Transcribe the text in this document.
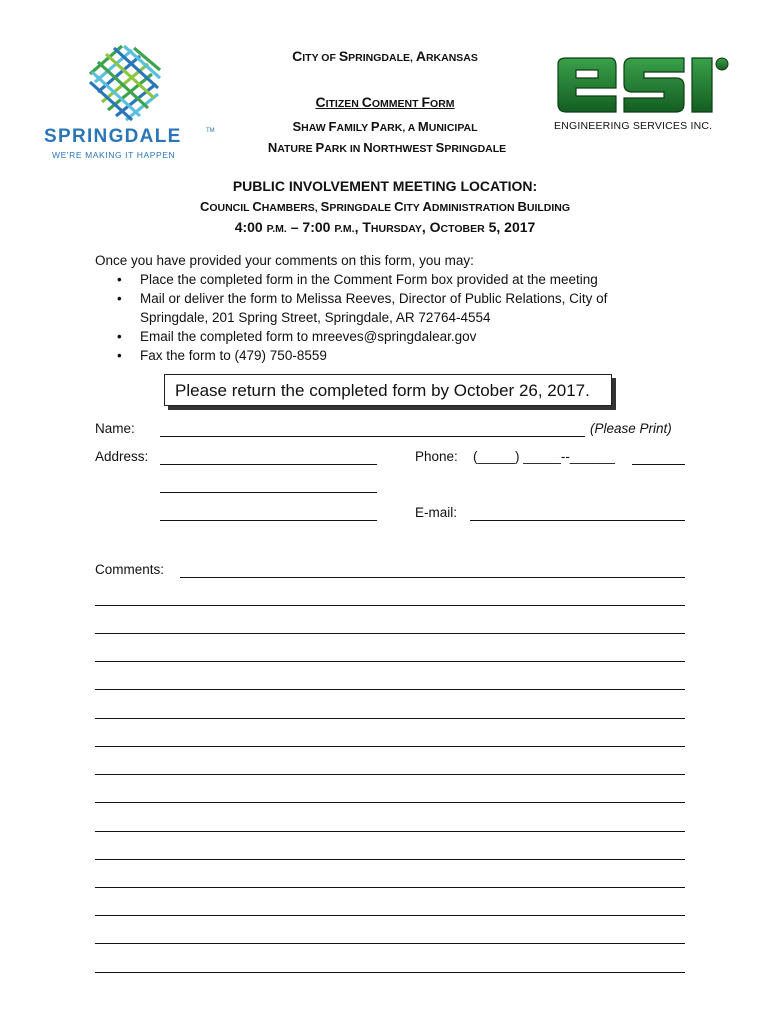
SPRINGDALE	TM
WE'RE MAKING IT HAPPEN
ENGINEERING SERVICES INC.
CITY OF SPRINGDALE, ARKANSAS
CITIZEN COMMENT FORM
SHAW FAMILY PARK, A MUNICIPAL
NATURE PARK IN NORTHWEST SPRINGDALE
PUBLIC INVOLVEMENT MEETING LOCATION:
COUNCIL CHAMBERS, SPRINGDALE CITY ADMINISTRATION BUILDING
4:00 P.M. – 7:00 P.M., THURSDAY, OCTOBER 5, 2017
Once you have provided your comments on this form, you may:
• Place the completed form in the Comment Form box provided at the meeting
• Mail or deliver the form to Melissa Reeves, Director of Public Relations, City of
Springdale, 201 Spring Street, Springdale, AR 72764-4554
• Email the completed form to mreeves@springdalear.gov
• Fax the form to (479) 750-8559
Please return the completed form by October 26, 2017.
Name:	(Please Print)
Address:	Phone: (_____) _____--______
E-mail:
Comments:
